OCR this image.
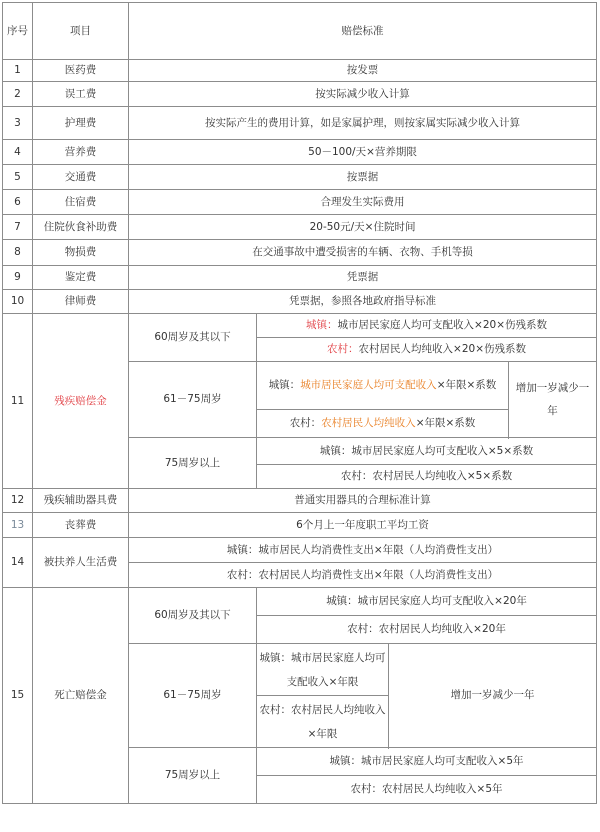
序号	项目	赔偿标准			
1	医药费	按发票			
2	误工费	按实际减少收入计算			
3	护理费	按实际产生的费用计算，如是家属护理，则按家属实际减少收入计算			
4	营养费	50－100/天×营养期限			
5	交通费	按票据			
6	住宿费	合理发生实际费用			
7	住院伙食补助费	20-50元/天×住院时间			
8	物损费	在交通事故中遭受损害的车辆、衣物、手机等损			
9	鉴定费	凭票据			
10	律师费	凭票据，参照各地政府指导标准			
11	残疾赔偿金	60周岁及其以下	城镇：城市居民家庭人均可支配收入×20×伤残系数		
			农村：农村居民人均纯收入×20×伤残系数		
		61－75周岁	城镇：城市居民家庭人均可支配收入×年限×系数		增加一岁减少一年
			农村：农村居民人均纯收入×年限×系数		

		75周岁以上	城镇：城市居民家庭人均可支配收入×5×系数		
			农村：农村居民人均纯收入×5×系数		
12	残疾辅助器具费	普通实用器具的合理标准计算			
13	丧葬费	6个月上一年度职工平均工资			
14	被扶养人生活费	城镇：城市居民人均消费性支出×年限（人均消费性支出）			
		农村：农村居民人均消费性支出×年限（人均消费性支出）			
15	死亡赔偿金	60周岁及其以下	城镇：城市居民家庭人均可支配收入×20年		
			农村：农村居民人均纯收入×20年		
		61－75周岁	城镇：城市居民家庭人均可支配收入×年限	增加一岁减少一年	
			农村：农村居民人均纯收入×年限		

		75周岁以上	城镇：城市居民家庭人均可支配收入×5年		
			农村：农村居民人均纯收入×5年		
